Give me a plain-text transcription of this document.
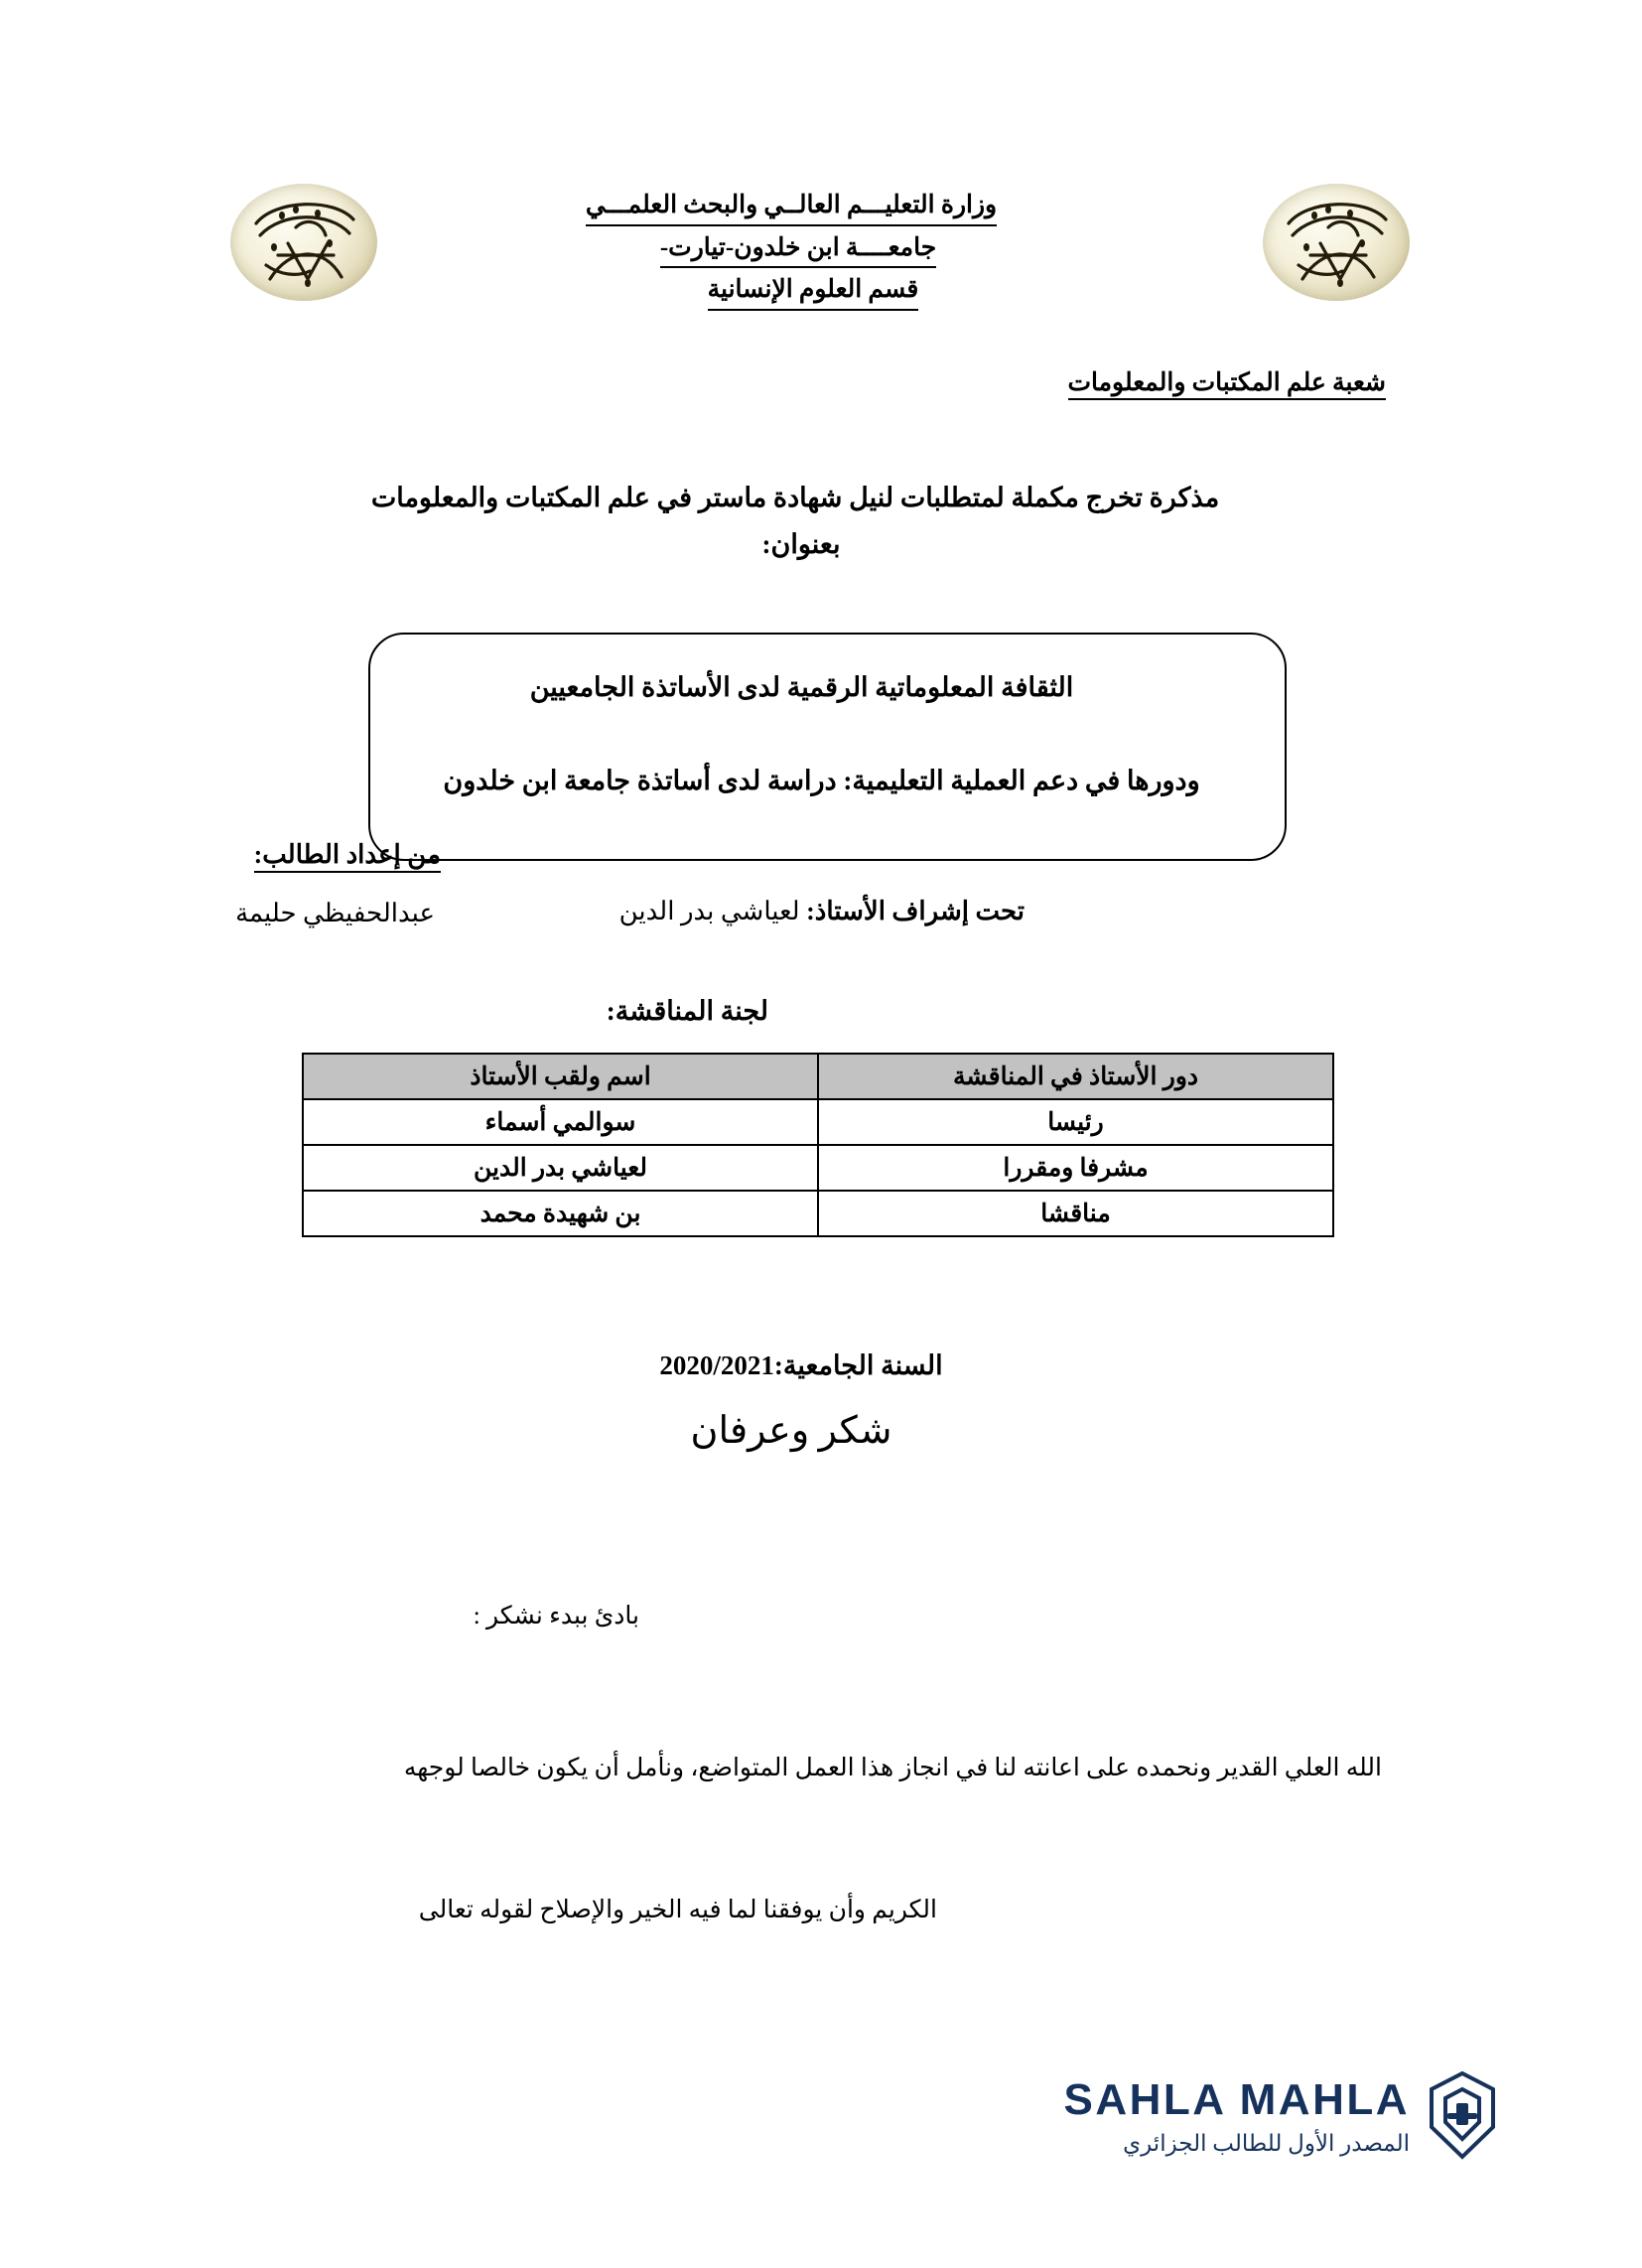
وزارة التعليـــم العالــي والبحث العلمـــي
جامعــــة ابن خلدون-تيارت-
قسم العلوم الإنسانية
شعبة علم المكتبات والمعلومات
مذكرة تخرج مكملة لمتطلبات لنيل شهادة ماستر في علم المكتبات والمعلومات
بعنوان:
الثقافة المعلوماتية الرقمية لدى الأساتذة الجامعيين
ودورها في دعم العملية التعليمية: دراسة لدى أساتذة جامعة ابن خلدون
من إعداد الطالب:
عبدالحفيظي حليمة	تحت إشراف الأستاذ: لعياشي بدر الدين
لجنة المناقشة:
دور الأستاذ في المناقشة	اسم ولقب الأستاذ
رئيسا	سوالمي أسماء
مشرفا ومقررا	لعياشي بدر الدين
مناقشا	بن شهيدة محمد
السنة الجامعية:2020/2021
شكر وعرفان
بادئ ببدء نشكر :
الله العلي القدير ونحمده على اعانته لنا في انجاز هذا العمل المتواضع، ونأمل أن يكون خالصا لوجهه
الكريم وأن يوفقنا لما فيه الخير والإصلاح لقوله تعالى
SAHLA MAHLA
المصدر الأول للطالب الجزائري
